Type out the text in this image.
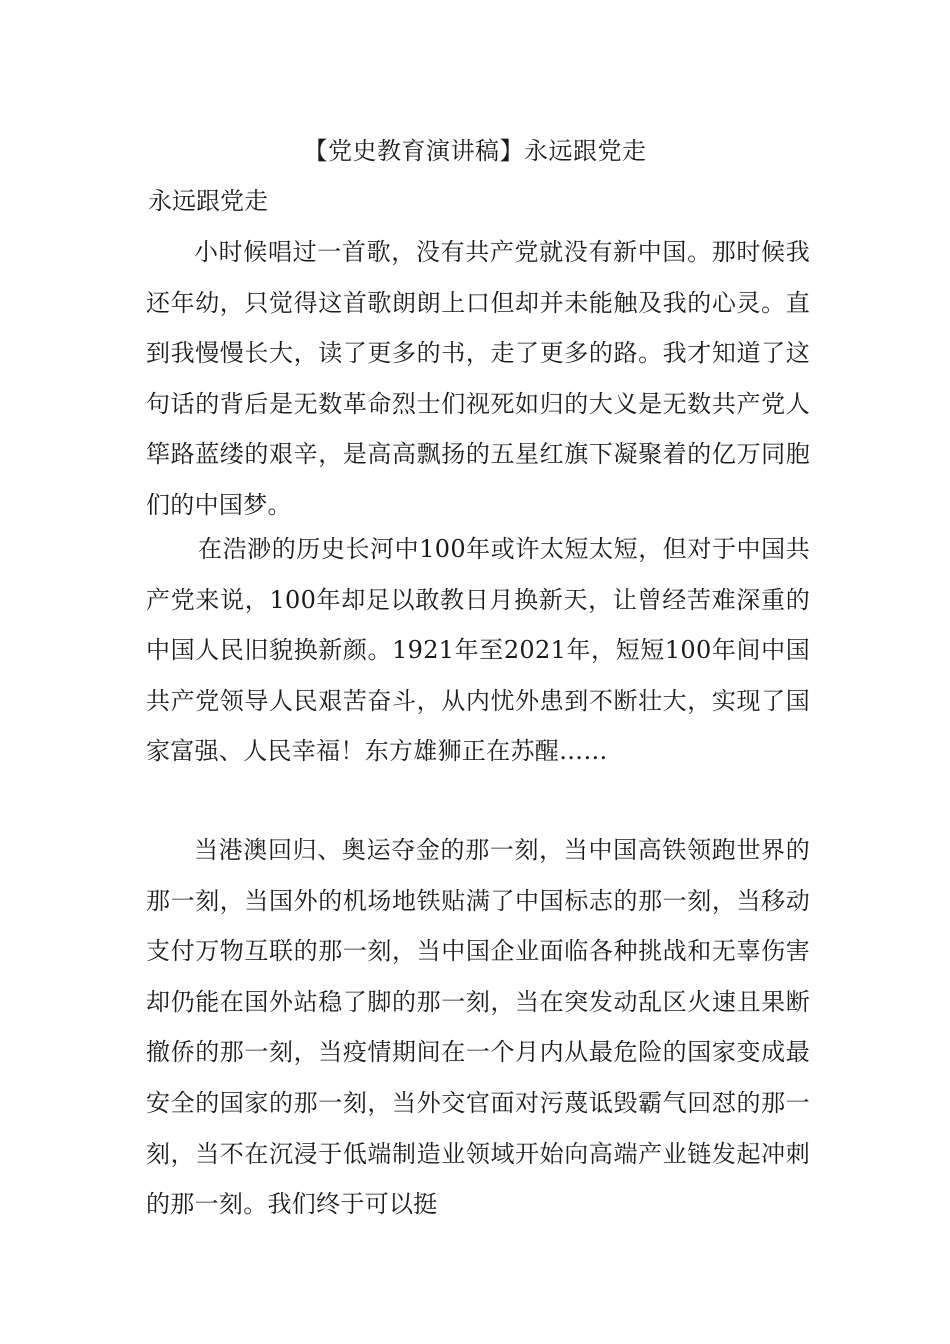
【党史教育演讲稿】永远跟党走
永远跟党走

小时候唱过一首歌，没有共产党就没有新中国。那时候我还年幼，只觉得这首歌朗朗上口但却并未能触及我的心灵。直到我慢慢长大，读了更多的书，走了更多的路。我才知道了这句话的背后是无数革命烈士们视死如归的大义是无数共产党人筚路蓝缕的艰辛，是高高飘扬的五星红旗下凝聚着的亿万同胞们的中国梦。

在浩渺的历史长河中100年或许太短太短，但对于中国共产党来说，100年却足以敢教日月换新天，让曾经苦难深重的中国人民旧貌换新颜。1921年至2021年，短短100年间中国共产党领导人民艰苦奋斗，从内忧外患到不断壮大，实现了国家富强、人民幸福！东方雄狮正在苏醒……

当港澳回归、奥运夺金的那一刻，当中国高铁领跑世界的那一刻，当国外的机场地铁贴满了中国标志的那一刻，当移动支付万物互联的那一刻，当中国企业面临各种挑战和无辜伤害却仍能在国外站稳了脚的那一刻，当在突发动乱区火速且果断撤侨的那一刻，当疫情期间在一个月内从最危险的国家变成最安全的国家的那一刻，当外交官面对污蔑诋毁霸气回怼的那一刻，当不在沉浸于低端制造业领域开始向高端产业链发起冲刺的那一刻。我们终于可以挺
